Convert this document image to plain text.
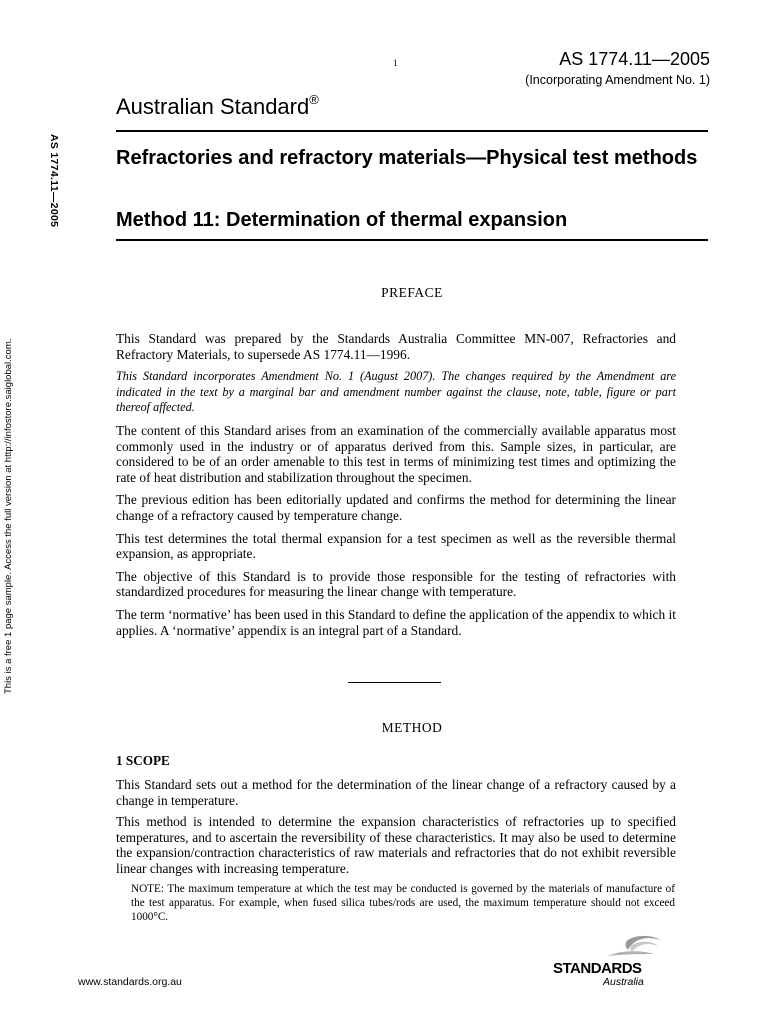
1	AS 1774.11—2005
(Incorporating Amendment No. 1)
Australian Standard®
Refractories and refractory materials—Physical test methods
Method 11: Determination of thermal expansion
AS 1774.11—2005
This is a free 1 page sample. Access the full version at http://infostore.saiglobal.com.
PREFACE

This Standard was prepared by the Standards Australia Committee MN-007, Refractories and Refractory Materials, to supersede AS 1774.11—1996.

This Standard incorporates Amendment No. 1 (August 2007). The changes required by the Amendment are indicated in the text by a marginal bar and amendment number against the clause, note, table, figure or part thereof affected.

The content of this Standard arises from an examination of the commercially available apparatus most commonly used in the industry or of apparatus derived from this. Sample sizes, in particular, are considered to be of an order amenable to this test in terms of minimizing test times and optimizing the rate of heat distribution and stabilization throughout the specimen.

The previous edition has been editorially updated and confirms the method for determining the linear change of a refractory caused by temperature change.

This test determines the total thermal expansion for a test specimen as well as the reversible thermal expansion, as appropriate.

The objective of this Standard is to provide those responsible for the testing of refractories with standardized procedures for measuring the linear change with temperature.

The term ‘normative’ has been used in this Standard to define the application of the appendix to which it applies. A ‘normative’ appendix is an integral part of a Standard.

METHOD
1 SCOPE

This Standard sets out a method for the determination of the linear change of a refractory caused by a change in temperature.

This method is intended to determine the expansion characteristics of refractories up to specified temperatures, and to ascertain the reversibility of these characteristics. It may also be used to determine the expansion/contraction characteristics of raw materials and refractories that do not exhibit reversible linear changes with increasing temperature.

NOTE: The maximum temperature at which the test may be conducted is governed by the materials of manufacture of the test apparatus. For example, when fused silica tubes/rods are used, the maximum temperature should not exceed 1000°C.
www.standards.org.au
STANDARDS
Australia
